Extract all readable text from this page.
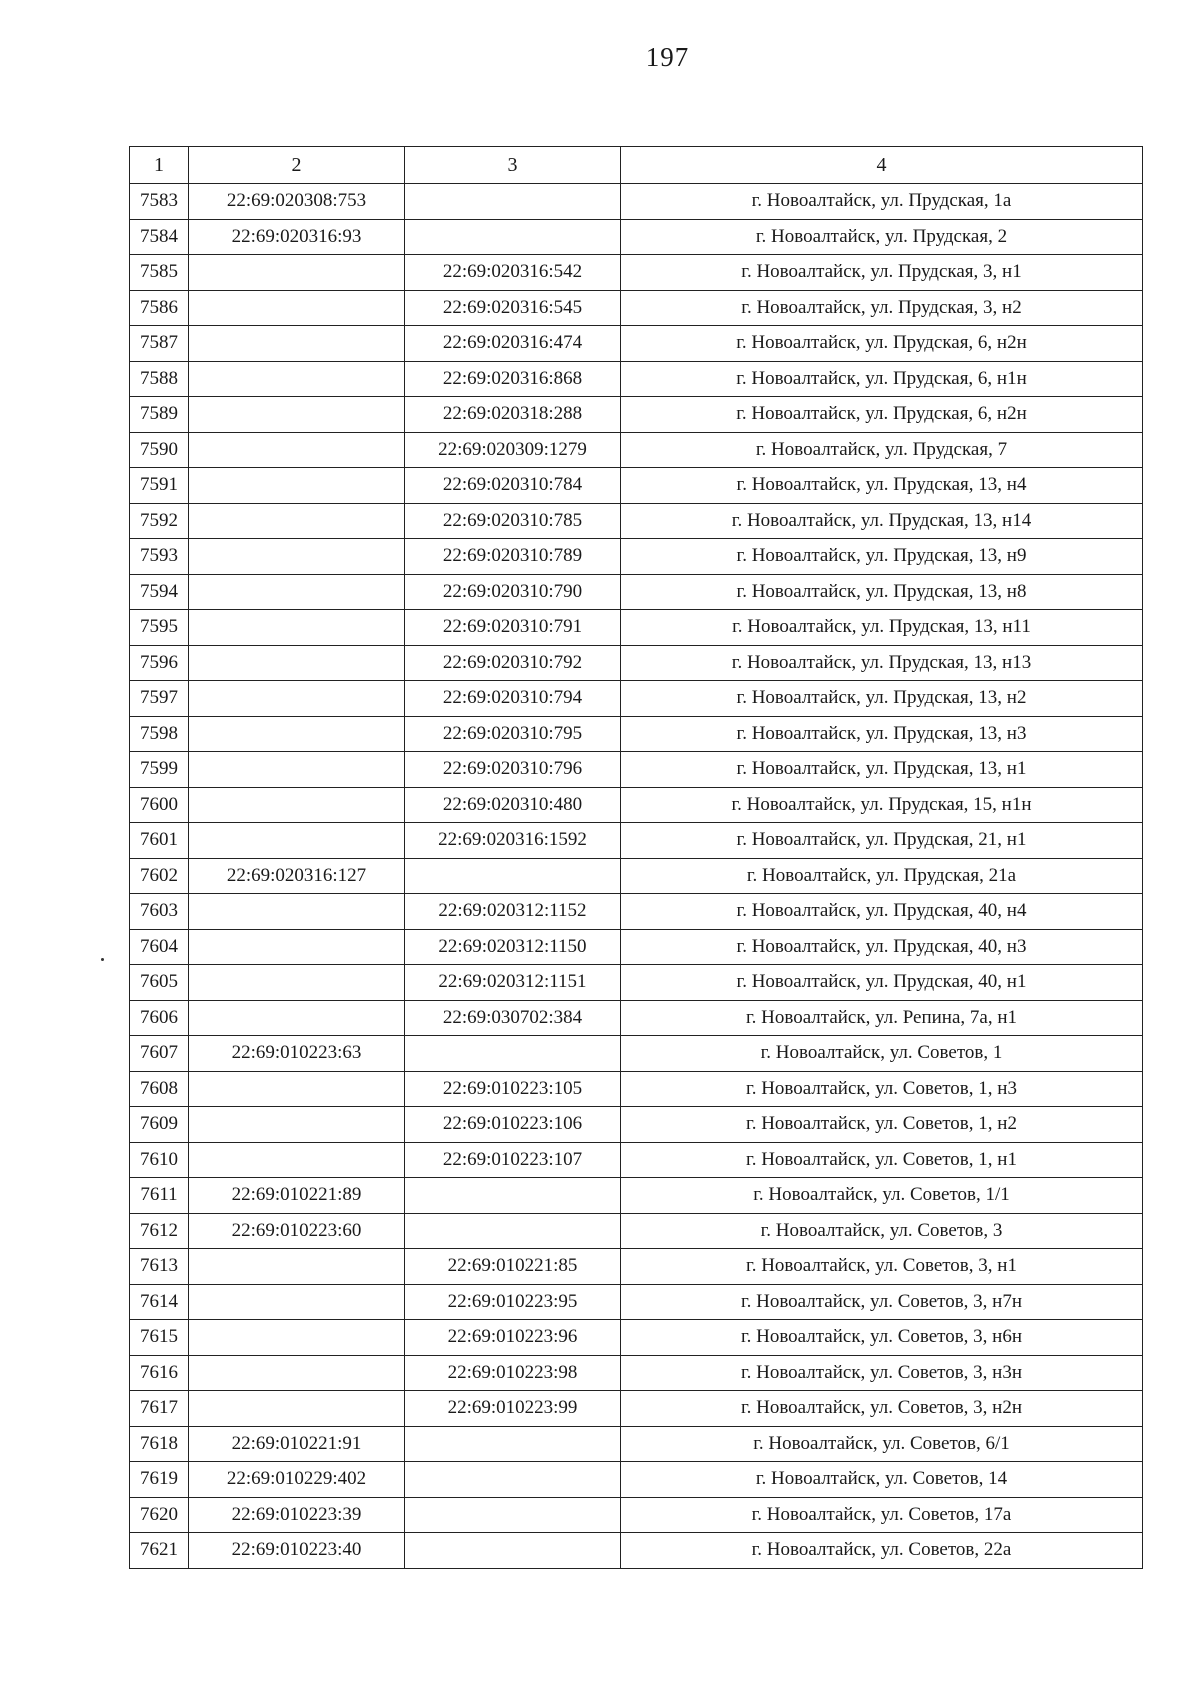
197
1	2	3	4
7583	22:69:020308:753		г. Новоалтайск, ул. Прудская, 1а
7584	22:69:020316:93		г. Новоалтайск, ул. Прудская, 2
7585		22:69:020316:542	г. Новоалтайск, ул. Прудская, 3, н1
7586		22:69:020316:545	г. Новоалтайск, ул. Прудская, 3, н2
7587		22:69:020316:474	г. Новоалтайск, ул. Прудская, 6, н2н
7588		22:69:020316:868	г. Новоалтайск, ул. Прудская, 6, н1н
7589		22:69:020318:288	г. Новоалтайск, ул. Прудская, 6, н2н
7590		22:69:020309:1279	г. Новоалтайск, ул. Прудская, 7
7591		22:69:020310:784	г. Новоалтайск, ул. Прудская, 13, н4
7592		22:69:020310:785	г. Новоалтайск, ул. Прудская, 13, н14
7593		22:69:020310:789	г. Новоалтайск, ул. Прудская, 13, н9
7594		22:69:020310:790	г. Новоалтайск, ул. Прудская, 13, н8
7595		22:69:020310:791	г. Новоалтайск, ул. Прудская, 13, н11
7596		22:69:020310:792	г. Новоалтайск, ул. Прудская, 13, н13
7597		22:69:020310:794	г. Новоалтайск, ул. Прудская, 13, н2
7598		22:69:020310:795	г. Новоалтайск, ул. Прудская, 13, н3
7599		22:69:020310:796	г. Новоалтайск, ул. Прудская, 13, н1
7600		22:69:020310:480	г. Новоалтайск, ул. Прудская, 15, н1н
7601		22:69:020316:1592	г. Новоалтайск, ул. Прудская, 21, н1
7602	22:69:020316:127		г. Новоалтайск, ул. Прудская, 21а
7603		22:69:020312:1152	г. Новоалтайск, ул. Прудская, 40, н4
7604		22:69:020312:1150	г. Новоалтайск, ул. Прудская, 40, н3
7605		22:69:020312:1151	г. Новоалтайск, ул. Прудская, 40, н1
7606		22:69:030702:384	г. Новоалтайск, ул. Репина, 7а, н1
7607	22:69:010223:63		г. Новоалтайск, ул. Советов, 1
7608		22:69:010223:105	г. Новоалтайск, ул. Советов, 1, н3
7609		22:69:010223:106	г. Новоалтайск, ул. Советов, 1, н2
7610		22:69:010223:107	г. Новоалтайск, ул. Советов, 1, н1
7611	22:69:010221:89		г. Новоалтайск, ул. Советов, 1/1
7612	22:69:010223:60		г. Новоалтайск, ул. Советов, 3
7613		22:69:010221:85	г. Новоалтайск, ул. Советов, 3, н1
7614		22:69:010223:95	г. Новоалтайск, ул. Советов, 3, н7н
7615		22:69:010223:96	г. Новоалтайск, ул. Советов, 3, н6н
7616		22:69:010223:98	г. Новоалтайск, ул. Советов, 3, н3н
7617		22:69:010223:99	г. Новоалтайск, ул. Советов, 3, н2н
7618	22:69:010221:91		г. Новоалтайск, ул. Советов, 6/1
7619	22:69:010229:402		г. Новоалтайск, ул. Советов, 14
7620	22:69:010223:39		г. Новоалтайск, ул. Советов, 17а
7621	22:69:010223:40		г. Новоалтайск, ул. Советов, 22а
